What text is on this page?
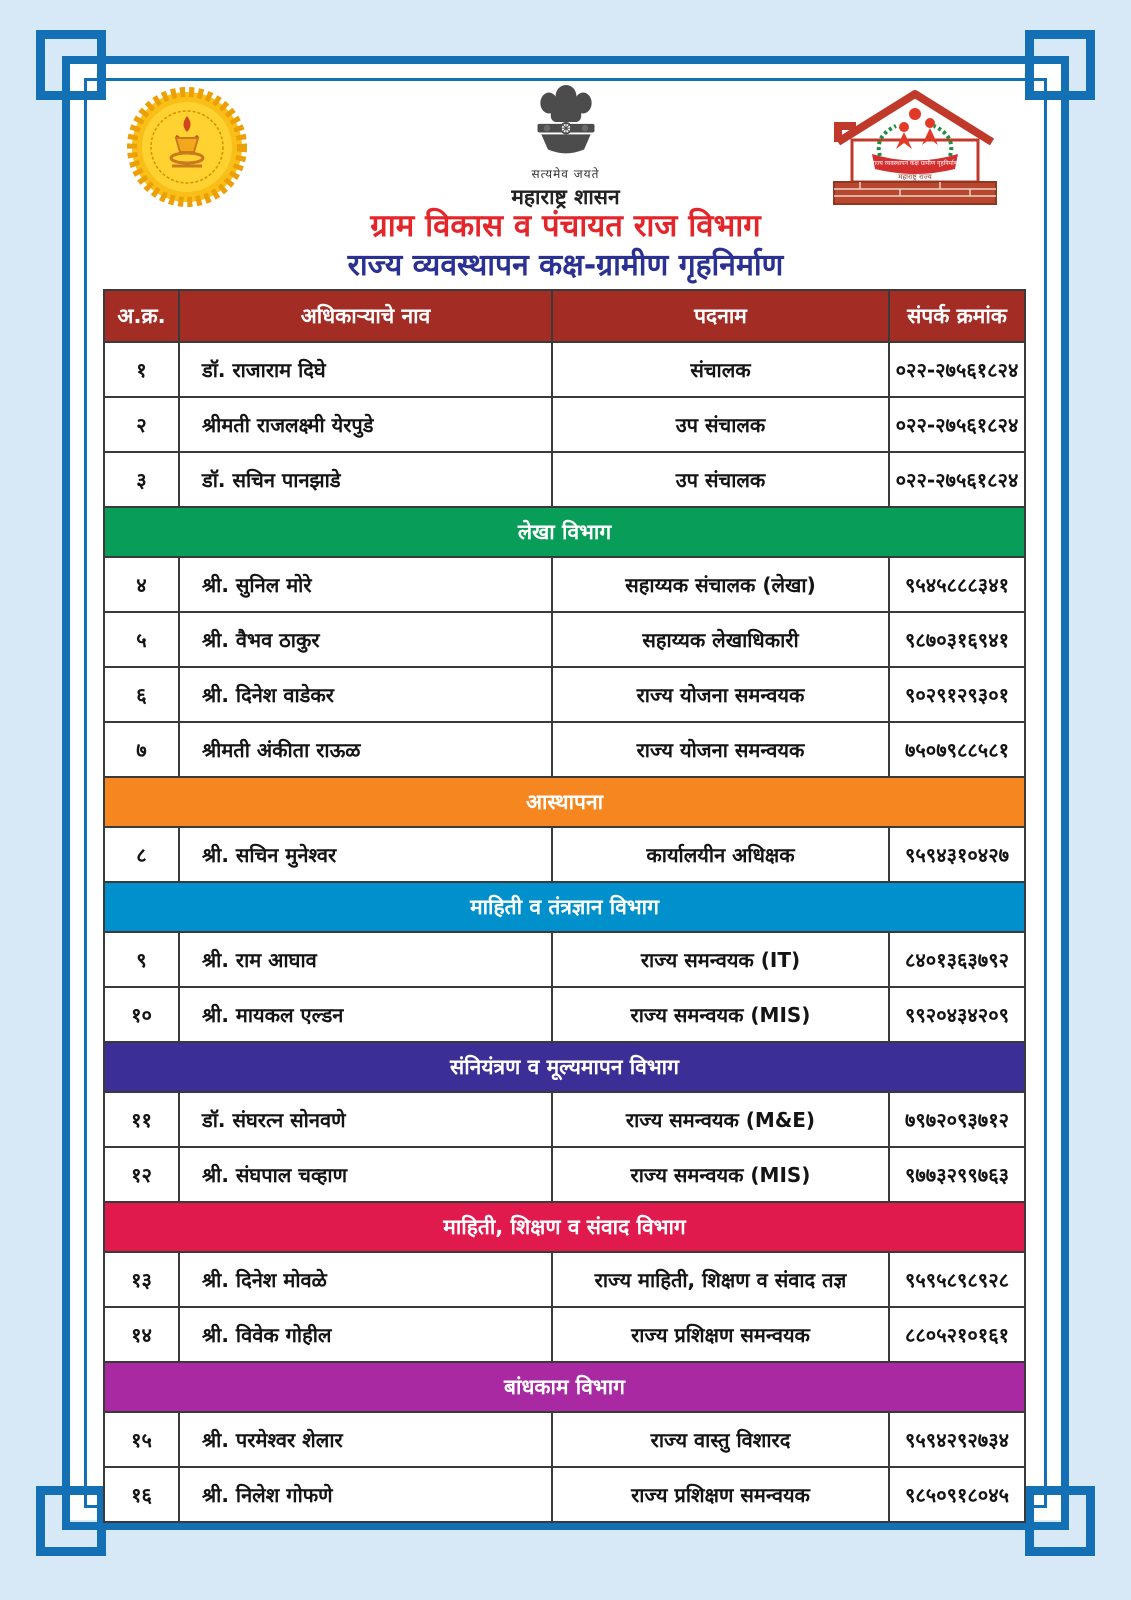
सत्यमेव जयते
महाराष्ट्र शासन
राज्य व्यवस्थापन कक्ष ग्रामीण गृहनिर्माण
महाराष्ट्र राज्य
ग्राम विकास व पंचायत राज विभाग
राज्य व्यवस्थापन कक्ष-ग्रामीण गृहनिर्माण
अ.क्र.	अधिकाऱ्याचे नाव	पदनाम	संपर्क क्रमांक
१	डॉ. राजाराम दिघे	संचालक	०२२-२७५६१८२४
२	श्रीमती राजलक्ष्मी येरपुडे	उप संचालक	०२२-२७५६१८२४
३	डॉ. सचिन पानझाडे	उप संचालक	०२२-२७५६१८२४
लेखा विभाग			
४	श्री. सुनिल मोरे	सहाय्यक संचालक (लेखा)	९५४५८८८३४१
५	श्री. वैभव ठाकुर	सहाय्यक लेखाधिकारी	९८७०३१६९४१
६	श्री. दिनेश वाडेकर	राज्य योजना समन्वयक	९०२९१२९३०१
७	श्रीमती अंकीता राऊळ	राज्य योजना समन्वयक	७५०७९८८५८१
आस्थापना			
८	श्री. सचिन मुनेश्वर	कार्यालयीन अधिक्षक	९५९४३१०४२७
माहिती व तंत्रज्ञान विभाग			
९	श्री. राम आघाव	राज्य समन्वयक (IT)	८४०१३६३७९२
१०	श्री. मायकल एल्डन	राज्य समन्वयक (MIS)	९९२०४३४२०९
संनियंत्रण व मूल्यमापन विभाग			
११	डॉ. संघरत्न सोनवणे	राज्य समन्वयक (M&E)	७९७२०९३७१२
१२	श्री. संघपाल चव्हाण	राज्य समन्वयक (MIS)	९७७३२९९७६३
माहिती, शिक्षण व संवाद विभाग			
१३	श्री. दिनेश मोवळे	राज्य माहिती, शिक्षण व संवाद तज्ञ	९५९५८९८९२८
१४	श्री. विवेक गोहील	राज्य प्रशिक्षण समन्वयक	८८०५२१०१६१
बांधकाम विभाग			
१५	श्री. परमेश्वर शेलार	राज्य वास्तु विशारद	९५९४२९२७३४
१६	श्री. निलेश गोफणे	राज्य प्रशिक्षण समन्वयक	९८५०९१८०४५
